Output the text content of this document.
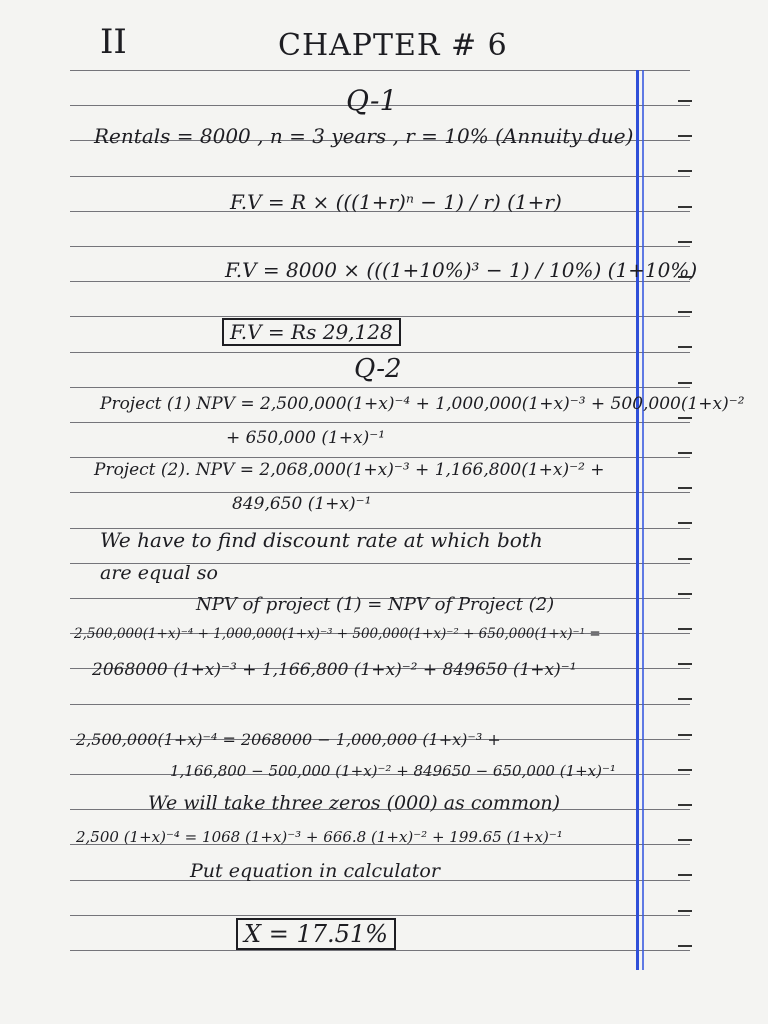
II	CHAPTER # 6
Q-1
Rentals = 8000 , n = 3 years , r = 10% (Annuity due)
F.V = R × (((1+r)ⁿ − 1) / r) (1+r)
F.V = 8000 × (((1+10%)³ − 1) / 10%) (1+10%)
F.V = Rs 29,128
Q-2
Project (1) NPV = 2,500,000(1+x)⁻⁴ + 1,000,000(1+x)⁻³ + 500,000(1+x)⁻²
+ 650,000 (1+x)⁻¹
Project (2). NPV = 2,068,000(1+x)⁻³ + 1,166,800(1+x)⁻² +
849,650 (1+x)⁻¹
We have to find discount rate at which both
are equal so
NPV of project (1) = NPV of Project (2)
2,500,000(1+x)⁻⁴ + 1,000,000(1+x)⁻³ + 500,000(1+x)⁻² + 650,000(1+x)⁻¹ =
2068000 (1+x)⁻³ + 1,166,800 (1+x)⁻² + 849650 (1+x)⁻¹
2,500,000(1+x)⁻⁴ = 2068000 − 1,000,000 (1+x)⁻³ +
1,166,800 − 500,000 (1+x)⁻² + 849650 − 650,000 (1+x)⁻¹
We will take three zeros (000) as common)
2,500 (1+x)⁻⁴ = 1068 (1+x)⁻³ + 666.8 (1+x)⁻² + 199.65 (1+x)⁻¹
Put equation in calculator
X = 17.51%
